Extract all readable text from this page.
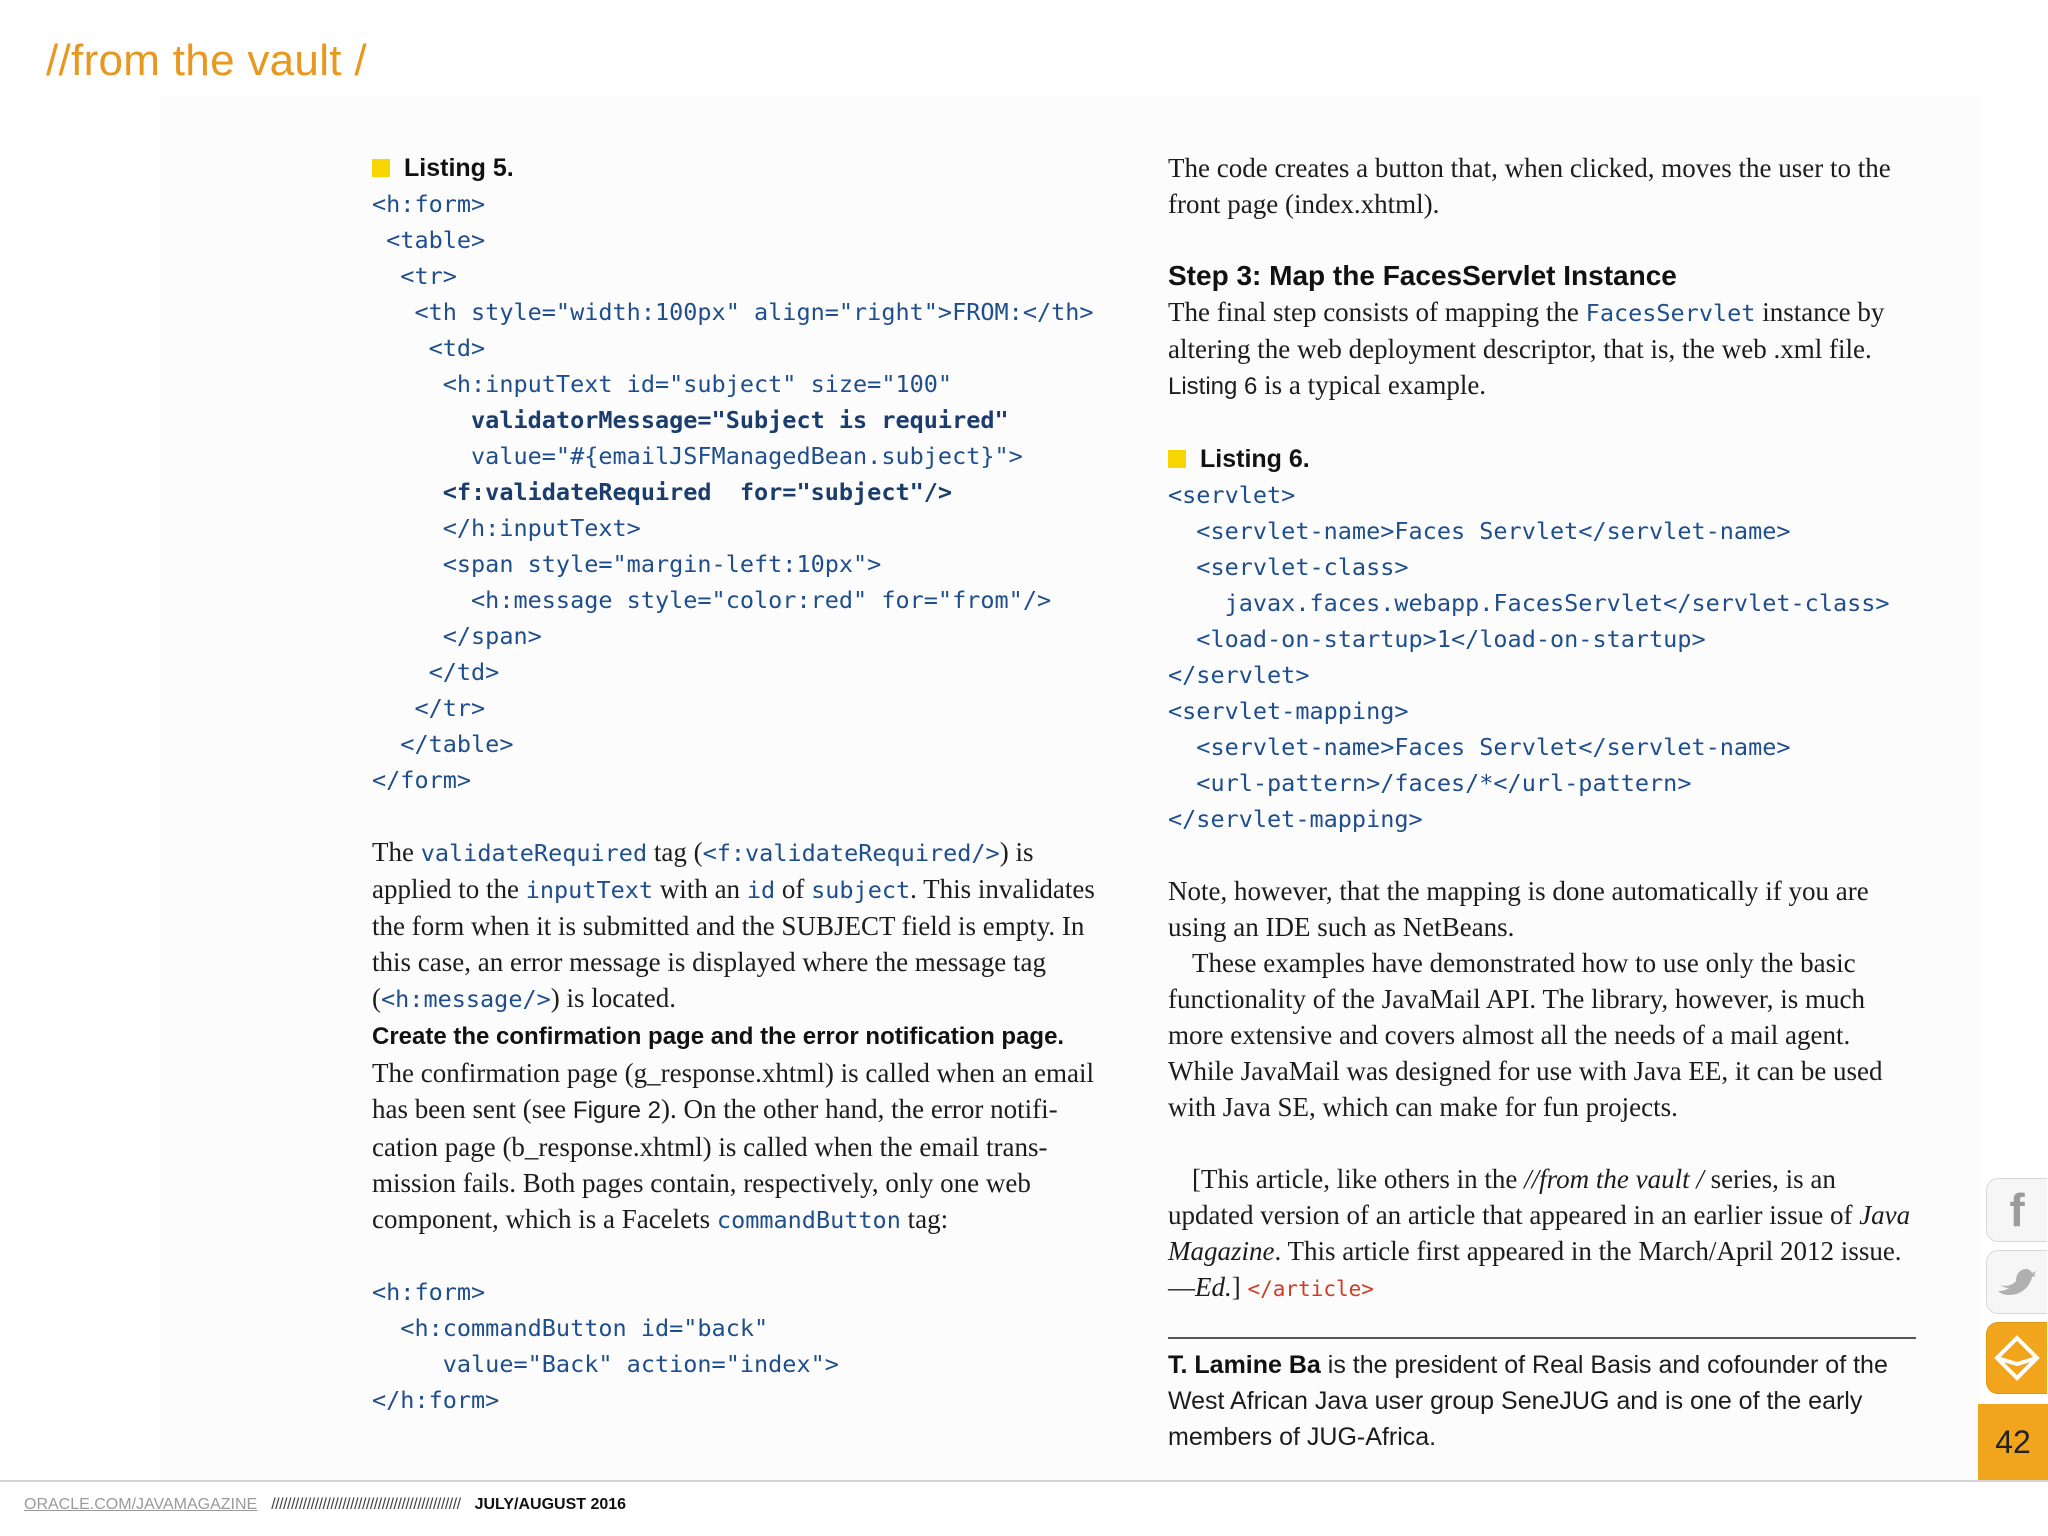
//from the vault /
Listing 5.
<h:form>
<table>
<tr>
<th style="width:100px" align="right">FROM:</th>
<td>
<h:inputText id="subject" size="100"
validatorMessage="Subject is required"
value="#{emailJSFManagedBean.subject}">
<f:validateRequired  for="subject"/>
</h:inputText>
<span style="margin-left:10px">
<h:message style="color:red" for="from"/>
</span>
</td>
</tr>
</table>
</form>

The validateRequired tag (<f:validateRequired/>) is applied to the inputText with an id of subject. This invalidates the form when it is submitted and the SUBJECT field is empty. In this case, an error message is displayed where the message tag (<h:message/>) is located.

Create the confirmation page and the error notification page. The confirmation page (g_response.xhtml) is called when an email has been sent (see Figure 2). On the other hand, the error notification page (b_response.xhtml) is called when the email transmission fails. Both pages contain, respectively, only one web component, which is a Facelets commandButton tag:

<h:form>
<h:commandButton id="back"
value="Back" action="index">
</h:form>

The code creates a button that, when clicked, moves the user to the front page (index.xhtml).

Step 3: Map the FacesServlet Instance

The final step consists of mapping the FacesServlet instance by altering the web deployment descriptor, that is, the web .xml file. Listing 6 is a typical example.

Listing 6.
<servlet>
<servlet-name>Faces Servlet</servlet-name>
<servlet-class>
javax.faces.webapp.FacesServlet</servlet-class>
<load-on-startup>1</load-on-startup>
</servlet>
<servlet-mapping>
<servlet-name>Faces Servlet</servlet-name>
<url-pattern>/faces/*</url-pattern>
</servlet-mapping>

Note, however, that the mapping is done automatically if you are using an IDE such as NetBeans.

These examples have demonstrated how to use only the basic functionality of the JavaMail API. The library, however, is much more extensive and covers almost all the needs of a mail agent. While JavaMail was designed for use with Java EE, it can be used with Java SE, which can make for fun projects.

[This article, like others in the //from the vault / series, is an updated version of an article that appeared in an earlier issue of Java Magazine. This article first appeared in the March/April 2012 issue. —Ed.] </article>

T. Lamine Ba is the president of Real Basis and cofounder of the West African Java user group SeneJUG and is one of the early members of JUG-Africa.

f
42
ORACLE.COM/JAVAMAGAZINE //////////////////////////////////////////////// JULY/AUGUST 2016
